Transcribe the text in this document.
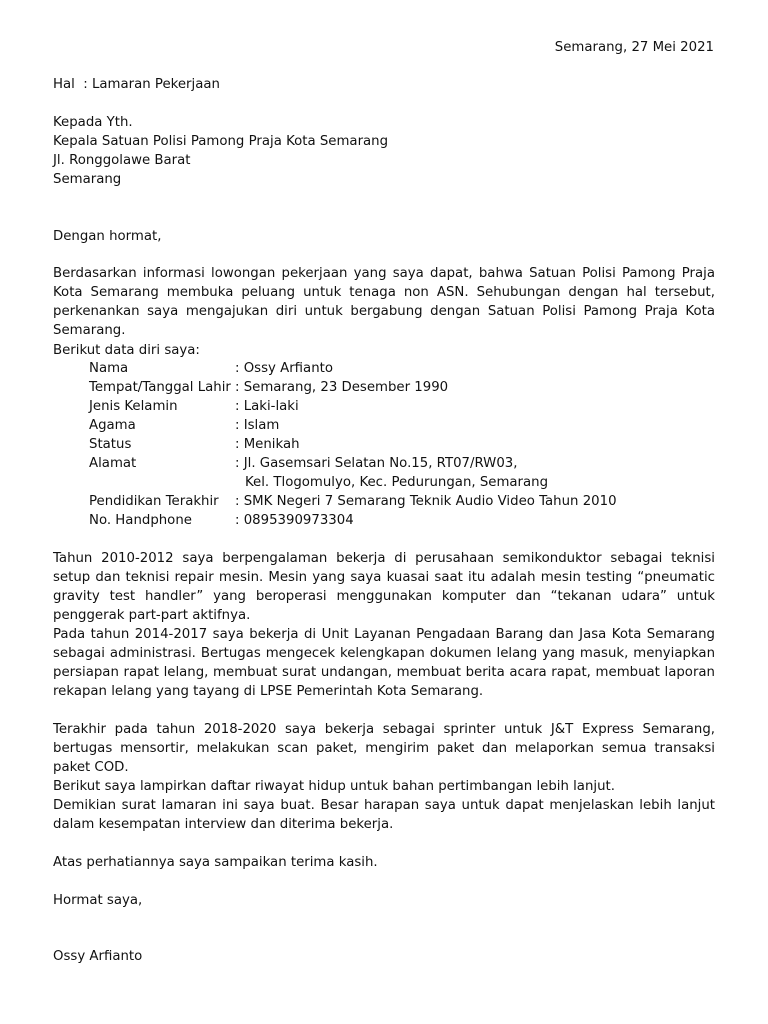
Semarang, 27 Mei 2021
Hal  : Lamaran Pekerjaan
Kepada Yth.
Kepala Satuan Polisi Pamong Praja Kota Semarang
Jl. Ronggolawe Barat
Semarang
Dengan hormat,
Berdasarkan informasi lowongan pekerjaan yang saya dapat, bahwa Satuan Polisi Pamong Praja Kota Semarang membuka peluang untuk tenaga non ASN. Sehubungan dengan hal tersebut, perkenankan saya mengajukan diri untuk bergabung dengan Satuan Polisi Pamong Praja Kota Semarang.
Berikut data diri saya:
Nama	: Ossy Arfianto
Tempat/Tanggal Lahir : Semarang, 23 Desember 1990
Jenis Kelamin	: Laki-laki
Agama	: Islam
Status	: Menikah
Alamat	: Jl. Gasemsari Selatan No.15, RT07/RW03,
Kel. Tlogomulyo, Kec. Pedurungan, Semarang
Pendidikan Terakhir	: SMK Negeri 7 Semarang Teknik Audio Video Tahun 2010
No. Handphone	: 0895390973304
Tahun 2010-2012 saya berpengalaman bekerja di perusahaan semikonduktor sebagai teknisi setup dan teknisi repair mesin. Mesin yang saya kuasai saat itu adalah mesin testing “pneumatic gravity test handler” yang beroperasi menggunakan komputer dan “tekanan udara” untuk penggerak part-part aktifnya.
Pada tahun 2014-2017 saya bekerja di Unit Layanan Pengadaan Barang dan Jasa Kota Semarang sebagai administrasi. Bertugas mengecek kelengkapan dokumen lelang yang masuk, menyiapkan persiapan rapat lelang, membuat surat undangan, membuat berita acara rapat, membuat laporan rekapan lelang yang tayang di LPSE Pemerintah Kota Semarang.
Terakhir pada tahun 2018-2020 saya bekerja sebagai sprinter untuk J&T Express Semarang, bertugas mensortir, melakukan scan paket, mengirim paket dan melaporkan semua transaksi paket COD.
Berikut saya lampirkan daftar riwayat hidup untuk bahan pertimbangan lebih lanjut.
Demikian surat lamaran ini saya buat. Besar harapan saya untuk dapat menjelaskan lebih lanjut dalam kesempatan interview dan diterima bekerja.
Atas perhatiannya saya sampaikan terima kasih.
Hormat saya,
Ossy Arfianto
